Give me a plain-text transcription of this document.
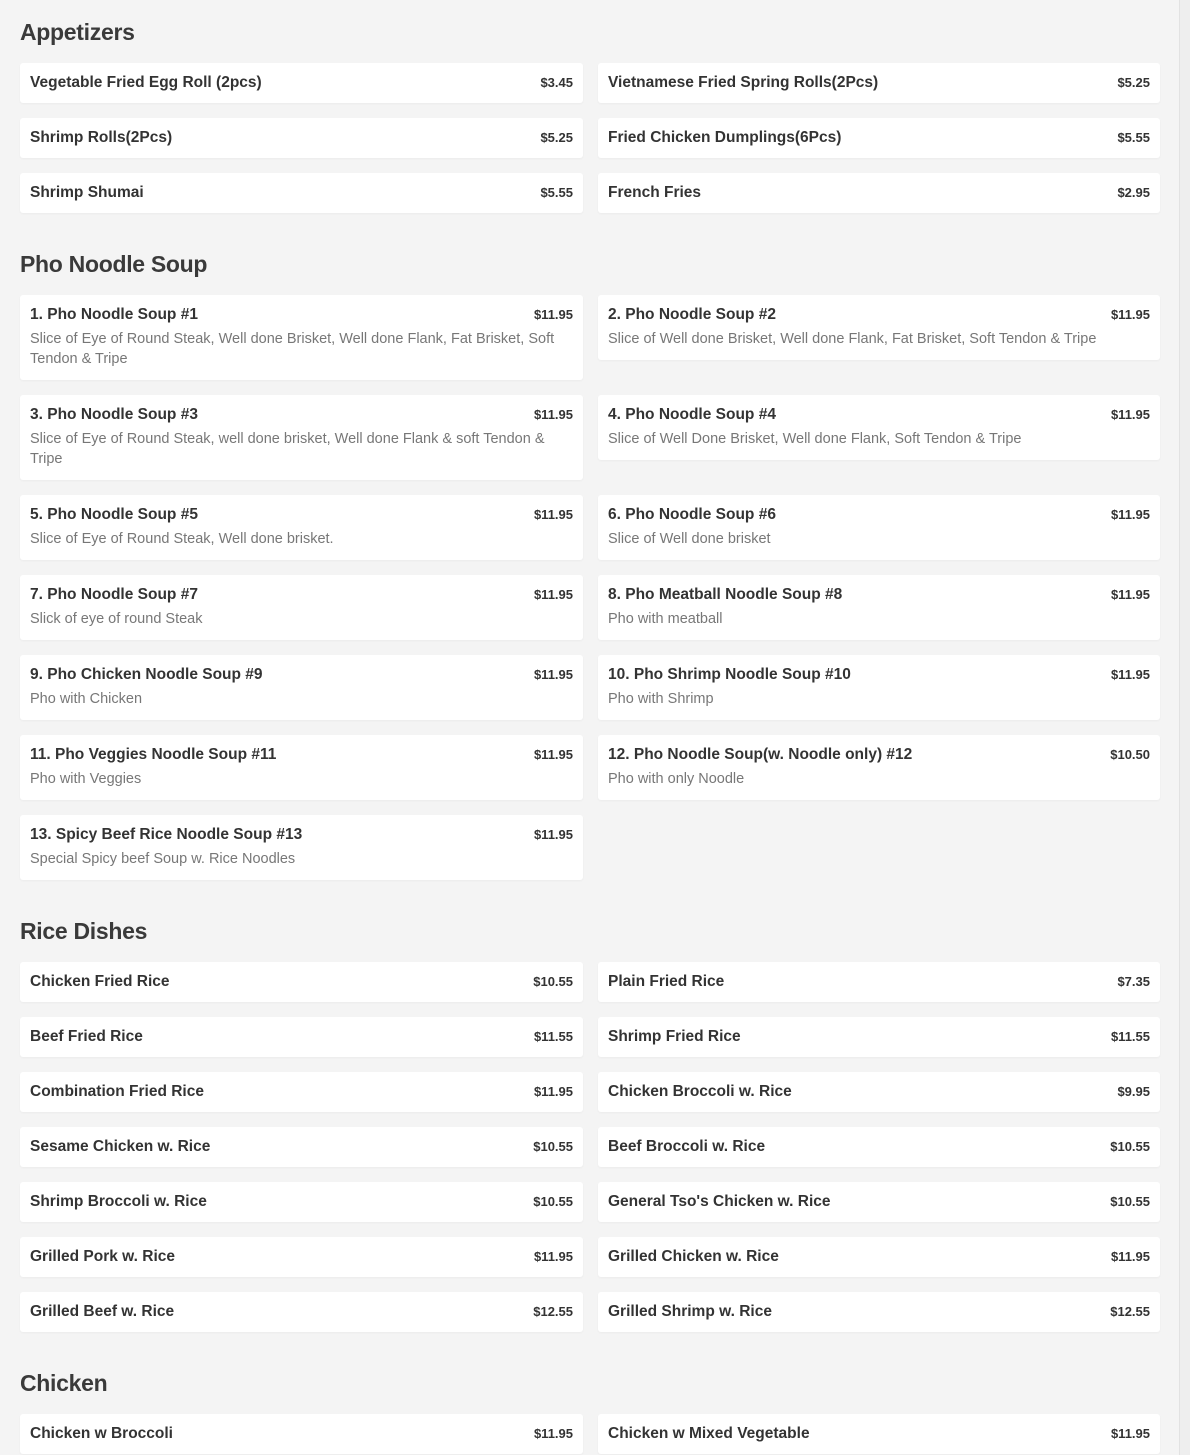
Appetizers
Vegetable Fried Egg Roll (2pcs)	$3.45 Vietnamese Fried Spring Rolls(2Pcs)	$5.25
Shrimp Rolls(2Pcs)	$5.25 Fried Chicken Dumplings(6Pcs)	$5.55
Shrimp Shumai	$5.55 French Fries	$2.95
Pho Noodle Soup
1. Pho Noodle Soup #1	$11.95
Slice of Eye of Round Steak, Well done Brisket, Well done Flank, Fat Brisket, Soft Tendon & Tripe
2. Pho Noodle Soup #2	$11.95
Slice of Well done Brisket, Well done Flank, Fat Brisket, Soft Tendon & Tripe
3. Pho Noodle Soup #3	$11.95
Slice of Eye of Round Steak, well done brisket, Well done Flank & soft Tendon & Tripe
4. Pho Noodle Soup #4	$11.95
Slice of Well Done Brisket, Well done Flank, Soft Tendon & Tripe
5. Pho Noodle Soup #5	$11.95
Slice of Eye of Round Steak, Well done brisket.
6. Pho Noodle Soup #6	$11.95
Slice of Well done brisket
7. Pho Noodle Soup #7	$11.95
Slick of eye of round Steak
8. Pho Meatball Noodle Soup #8	$11.95
Pho with meatball
9. Pho Chicken Noodle Soup #9	$11.95
Pho with Chicken
10. Pho Shrimp Noodle Soup #10	$11.95
Pho with Shrimp
11. Pho Veggies Noodle Soup #11	$11.95
Pho with Veggies
12. Pho Noodle Soup(w. Noodle only) #12	$10.50
Pho with only Noodle
13. Spicy Beef Rice Noodle Soup #13	$11.95
Special Spicy beef Soup w. Rice Noodles
Rice Dishes
Chicken Fried Rice	$10.55 Plain Fried Rice	$7.35
Beef Fried Rice	$11.55 Shrimp Fried Rice	$11.55
Combination Fried Rice	$11.95 Chicken Broccoli w. Rice	$9.95
Sesame Chicken w. Rice	$10.55 Beef Broccoli w. Rice	$10.55
Shrimp Broccoli w. Rice	$10.55 General Tso's Chicken w. Rice	$10.55
Grilled Pork w. Rice	$11.95 Grilled Chicken w. Rice	$11.95
Grilled Beef w. Rice	$12.55 Grilled Shrimp w. Rice	$12.55
Chicken
Chicken w Broccoli	$11.95 Chicken w Mixed Vegetable	$11.95
